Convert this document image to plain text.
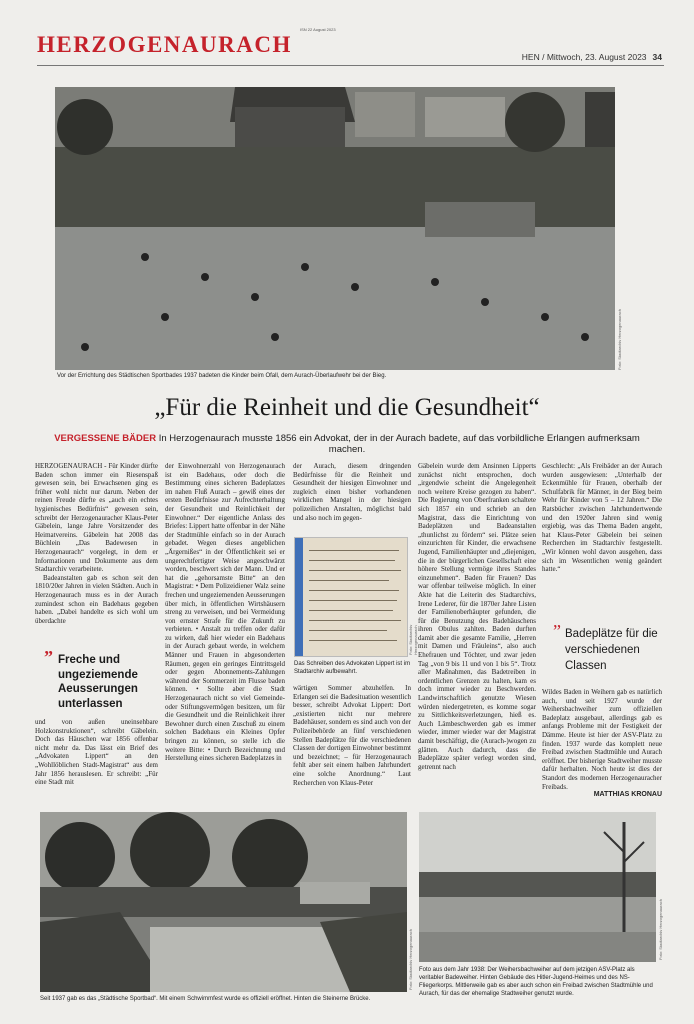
ISN 22 August 2023
HERZOGENAURACH	HEN / Mittwoch, 23. August 2023 34
Foto: Stadtarchiv Herzogenaurach
Vor der Errichtung des Städtischen Sportbades 1937 badeten die Kinder beim Ofall, dem Aurach-Überlaufwehr bei der Bieg.
„Für die Reinheit und die Gesundheit“
VERGESSENE BÄDER In Herzogenaurach musste 1856 ein Advokat, der in der Aurach badete, auf das vorbildliche Erlangen aufmerksam machen.

HERZOGENAURACH - Für Kinder dürfte Baden schon immer ein Riesenspaß gewesen sein, bei Erwachsenen ging es früher wohl nicht nur darum. Neben der reinen Freude dürfte es „auch ein echtes hygienisches Bedürfnis“ gewesen sein, schreibt der Herzogenauracher Klaus-Peter Gäbelein, lange Jahre Vorsitzender des Heimatvereins. Gäbelein hat 2008 das Büchlein „Das Badewesen in Herzogenaurach“ vorgelegt, in dem er Informationen und Dokumente aus dem Stadtarchiv verarbeitete.

Badeanstalten gab es schon seit den 1810/20er Jahren in vielen Städten. Auch in Herzogenaurach muss es in der Aurach zumindest schon ein Badehaus gegeben haben. „Dabei handelte es sich wohl um überdachte

” Freche und ungeziemende Aeusserungen unterlassen

und von außen uneinsehbare Holzkonstruktionen“, schreibt Gäbelein. Doch das Häuschen war 1856 offenbar nicht mehr da. Das lässt ein Brief des „Advokaten Lippert“ an den „Wohllöblichen Stadt-Magistrat“ aus dem Jahr 1856 herauslesen. Er schreibt: „Für eine Stadt mit

der Einwohnerzahl von Herzogenaurach ist ein Badehaus, oder doch die Bestimmung eines sicheren Badeplatzes im nahen Fluß Aurach – gewiß eines der ersten Bedürfnisse zur Aufrechterhaltung der Gesundheit und Reinlichkeit der Einwohner.“ Der eigentliche Anlass des Briefes: Lippert hatte offenbar in der Nähe der Stadtmühle einfach so in der Aurach gebadet. Wegen dieses angeblichen „Ärgernißes“ in der Öffentlichkeit sei er ungerechtfertigter Weise angeschwärzt worden, beschwert sich der Mann. Und er hat die „gehorsamste Bitte“ an den Magistrat: • Dem Polizeidiener Walz seine frechen und ungeziemenden Aeusserungen über mich, in öffentlichen Wirtshäusern streng zu verweisen, und bei Vermeidung von ernster Strafe für die Zukunft zu verbieten. • Anstalt zu treffen oder dafür zu wirken, daß hier wieder ein Badehaus in der Aurach gebaut werde, in welchem Männer und Frauen in abgesonderten Räumen, gegen ein geringes Eintrittsgeld oder gegen Abonnements-Zahlungen während der Sommerzeit im Flusse baden können. • Sollte aber die Stadt Herzogenaurach nicht so viel Gemeinde- oder Stiftungsvermögen besitzen, um für die Gesundheit und die Reinlichkeit ihrer Bewohner durch einen Zuschuß zu einem solchen Badehaus ein Kleines Opfer bringen zu können, so stelle ich die weitere Bitte: • Durch Bezeichnung und Herstellung eines sicheren Badeplatzes in

der Aurach, diesem dringenden Bedürfnisse für die Reinheit und Gesundheit der hiesigen Einwohner und zugleich einen bisher vorhandenen wirklichen Mangel in der hiesigen polizeilichen Anstalten, möglichst bald und also noch im gegen-

Foto: Stadtarchiv Herzogenaurach
Das Schreiben des Advokaten Lippert ist im Stadtarchiv aufbewahrt.

wärtigen Sommer abzuhelfen. In Erlangen sei die Badesituation wesentlich besser, schreibt Advokat Lippert: Dort „existierten nicht nur mehrere Badehäuser, sondern es sind auch von der Polizeibehörde an fünf verschiedenen Stellen Badeplätze für die verschiedenen Classen der dortigen Einwohner bestimmt und bezeichnet; – für Herzogenaurach fehlt aber seit einem halben Jahrhundert eine solche Anordnung.“ Laut Recherchen von Klaus-Peter

Gäbelein wurde dem Ansinnen Lipperts zunächst nicht entsprochen, doch „irgendwie scheint die Angelegenheit noch weitere Kreise gezogen zu haben“. Die Regierung von Oberfranken schaltete sich 1857 ein und schrieb an den Magistrat, dass die Einrichtung von Badeplätzen und Badeanstalten „thunlichst zu fördern“ sei. Plätze seien einzurichten für Kinder, die erwachsene Jugend, Familienhäupter und „diejenigen, die in der bürgerlichen Gesellschaft eine höhere Stellung vermöge ihres Standes einzunehmen“. Baden für Frauen? Das war offenbar teilweise möglich. In einer Akte hat die Leiterin des Stadtarchivs, Irene Lederer, für die 1870er Jahre Listen der Familienoberhäupter gefunden, die für die Benutzung des Badehäuschens ihren Obulus zahlten. Baden durften damit aber die gesamte Familie, „Herren mit Damen und Fräuleins“, also auch Ehefrauen und Töchter, und zwar jeden Tag „von 9 bis 11 und von 1 bis 5“. Trotz aller Maßnahmen, das Badetreiben in ordentlichen Grenzen zu halten, kam es doch immer wieder zu Beschwerden. Landwirtschaftlich genutzte Wiesen würden niedergetreten, es komme sogar zu Sittlichkeitsverletzungen, hieß es. Auch Lämbeschwerden gab es immer wieder, immer wieder war der Magistrat damit beschäftigt, die (Aurach-)wogen zu glätten. Auch dadurch, dass die Badeplätze später verlegt worden sind, getrennt nach

Geschlecht: „Als Freibäder an der Aurach wurden ausgewiesen: „Unterhalb der Eckenmühle für Frauen, oberhalb der Schulfabrik für Männer, in der Bieg beim Wehr für Kinder von 5 – 12 Jahren.“ Die Ratsbücher zwischen Jahrhundertwende und den 1920er Jahren sind wenig ergiebig, was das Thema Baden angeht, hat Klaus-Peter Gäbelein bei seinen Recherchen im Stadtarchiv festgestellt. „Wir können wohl davon ausgehen, dass sich im Wesentlichen wenig geändert hatte.“

” Badeplätze für die verschiedenen Classen

Wildes Baden in Weihern gab es natürlich auch, und seit 1927 wurde der Weihersbachweiher zum offiziellen Badeplatz ausgebaut, allerdings gab es anfangs Probleme mit der Festigkeit der Dämme. Heute ist hier der ASV-Platz zu finden. 1937 wurde das komplett neue Freibad zwischen Stadtmühle und Aurach eröffnet. Der bisherige Stadtweiher musste dafür herhalten. Noch heute ist dies der Standort des modernen Herzogenauracher Freibads.

MATTHIAS KRONAU

Foto: Stadtarchiv Herzogenaurach
Seit 1937 gab es das „Städtische Sportbad“. Mit einem Schwimmfest wurde es offiziell eröffnet. Hinten die Steinerne Brücke.
Foto: Stadtarchiv Herzogenaurach
Foto aus dem Jahr 1938: Der Weihersbachweiher auf dem jetzigen ASV-Platz als veritabler Badeweiher. Hinten Gebäude des Hitler-Jugend-Heimes und des NS-Fliegerkorps. Mittlerweile gab es aber auch schon ein Freibad zwischen Stadtmühle und Aurach, für das der ehemalige Stadtweiher genutzt wurde.
